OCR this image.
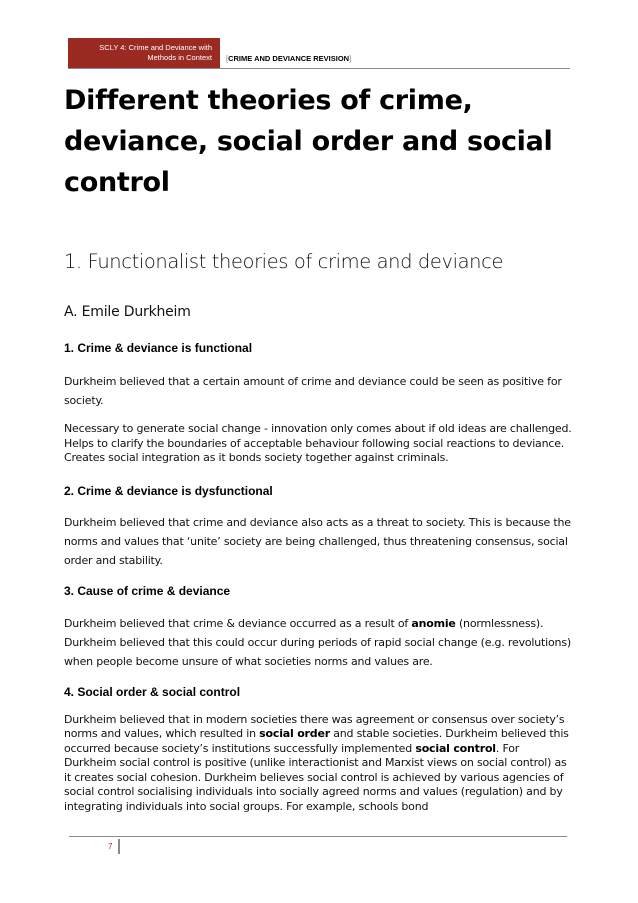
SCLY 4: Crime and Deviance with
Methods in Context [CRIME AND DEVIANCE REVISION]
Different theories of crime,
deviance, social order and social
control
1. Functionalist theories of crime and deviance
A. Emile Durkheim
1. Crime & deviance is functional

Durkheim believed that a certain amount of crime and deviance could be seen as positive for society.

Necessary to generate social change - innovation only comes about if old ideas are challenged.
Helps to clarify the boundaries of acceptable behaviour following social reactions to deviance.
Creates social integration as it bonds society together against criminals.
2. Crime & deviance is dysfunctional

Durkheim believed that crime and deviance also acts as a threat to society. This is because the norms and values that ‘unite’ society are being challenged, thus threatening consensus, social order and stability.

3. Cause of crime & deviance

Durkheim believed that crime & deviance occurred as a result of anomie (normlessness).

Durkheim believed that this could occur during periods of rapid social change (e.g. revolutions) when people become unsure of what societies norms and values are.

4. Social order & social control

Durkheim believed that in modern societies there was agreement or consensus over society’s norms and values, which resulted in social order and stable societies. Durkheim believed this occurred because society’s institutions successfully implemented social control. For Durkheim social control is positive (unlike interactionist and Marxist views on social control) as it creates social cohesion. Durkheim believes social control is achieved by various agencies of social control socialising individuals into socially agreed norms and values (regulation) and by integrating individuals into social groups. For example, schools bond

7
